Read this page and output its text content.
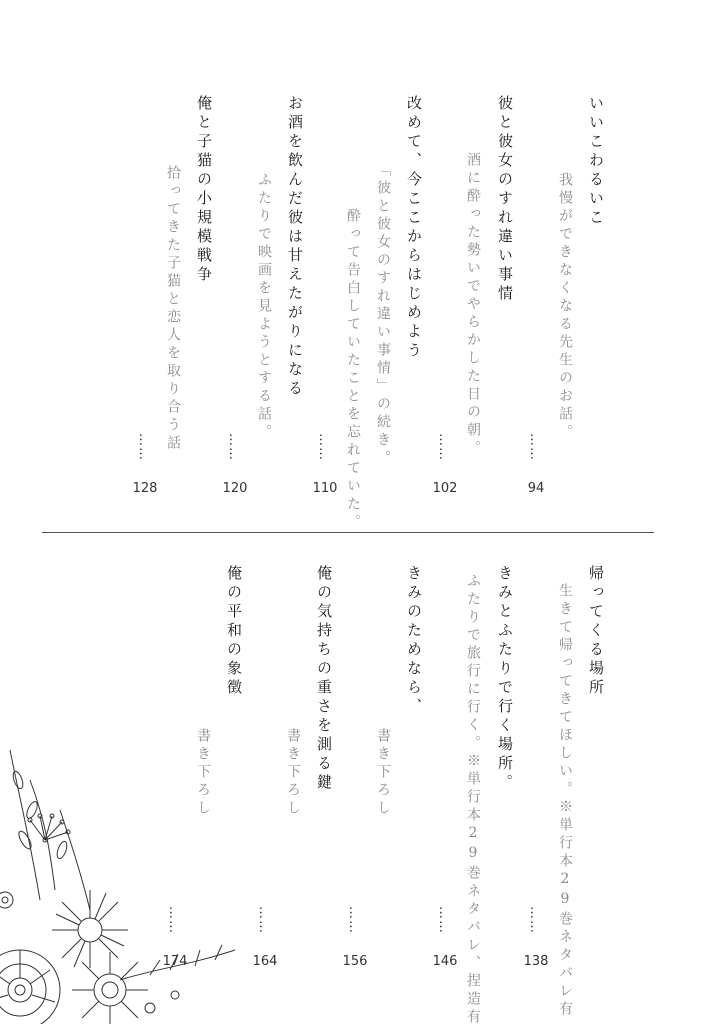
いいこわるいこ
我慢ができなくなる先生のお話。
……
94
彼と彼女のすれ違い事情
酒に酔った勢いでやらかした日の朝。
……
102
改めて、今ここからはじめよう
「彼と彼女のすれ違い事情」の続き。
酔って告白していたことを忘れていた。
……
110
お酒を飲んだ彼は甘えたがりになる
ふたりで映画を見ようとする話。
……
120
俺と子猫の小規模戦争
拾ってきた子猫と恋人を取り合う話
……
128
帰ってくる場所
生きて帰ってきてほしい。※単行本29巻ネタバレ有
……
138
きみとふたりで行く場所。
ふたりで旅行に行く。※単行本29巻ネタバレ、捏造有
……
146
きみのためなら、
書き下ろし
……
156
俺の気持ちの重さを測る鍵
書き下ろし
……
164
俺の平和の象徴
書き下ろし
……
174
